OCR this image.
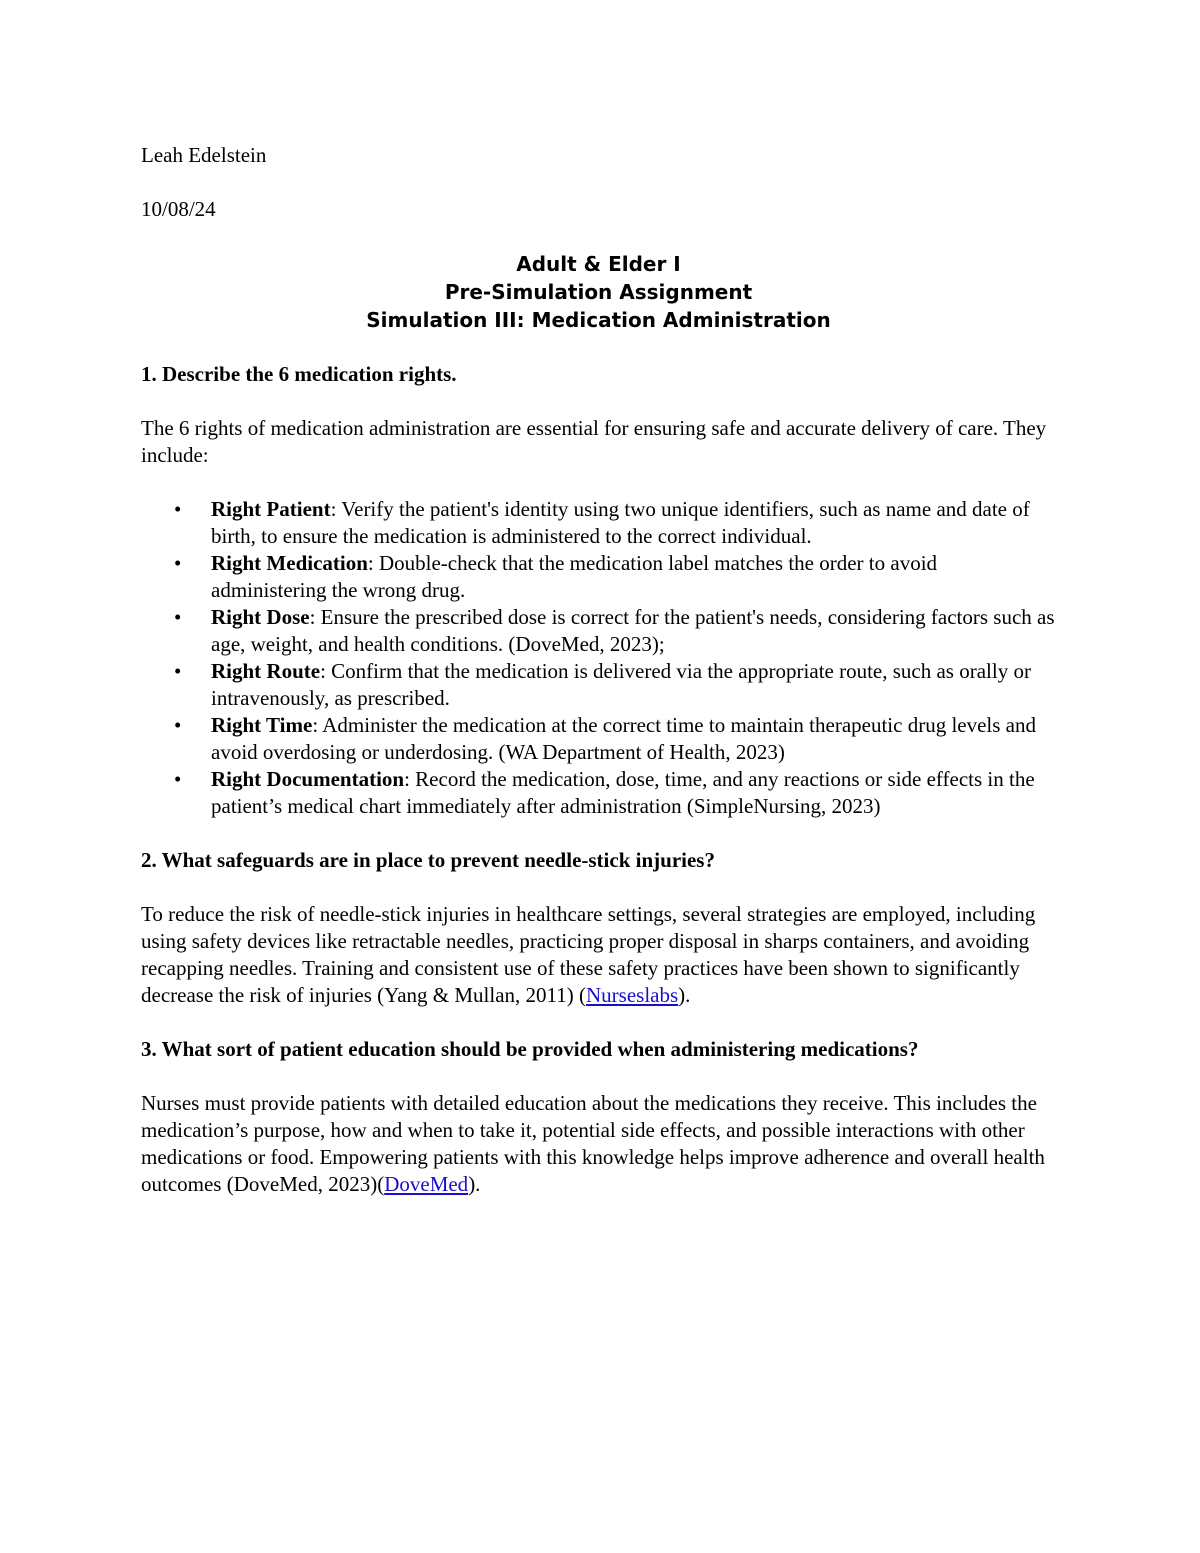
Leah Edelstein

10/08/24

Adult & Elder I
Pre-Simulation Assignment
Simulation III: Medication Administration

1. Describe the 6 medication rights.

The 6 rights of medication administration are essential for ensuring safe and accurate delivery of care. They include:

• Right Patient: Verify the patient's identity using two unique identifiers, such as name and date of birth, to ensure the medication is administered to the correct individual.
• Right Medication: Double-check that the medication label matches the order to avoid administering the wrong drug.
• Right Dose: Ensure the prescribed dose is correct for the patient's needs, considering factors such as age, weight, and health conditions. (DoveMed, 2023);
• Right Route: Confirm that the medication is delivered via the appropriate route, such as orally or intravenously, as prescribed.
• Right Time: Administer the medication at the correct time to maintain therapeutic drug levels and avoid overdosing or underdosing. (WA Department of Health, 2023)
• Right Documentation: Record the medication, dose, time, and any reactions or side effects in the patient’s medical chart immediately after administration (SimpleNursing, 2023)

2. What safeguards are in place to prevent needle-stick injuries?

To reduce the risk of needle-stick injuries in healthcare settings, several strategies are employed, including using safety devices like retractable needles, practicing proper disposal in sharps containers, and avoiding recapping needles. Training and consistent use of these safety practices have been shown to significantly decrease the risk of injuries (Yang & Mullan, 2011) (Nurseslabs).

3. What sort of patient education should be provided when administering medications?

Nurses must provide patients with detailed education about the medications they receive. This includes the medication’s purpose, how and when to take it, potential side effects, and possible interactions with other medications or food. Empowering patients with this knowledge helps improve adherence and overall health outcomes (DoveMed, 2023)(DoveMed).
